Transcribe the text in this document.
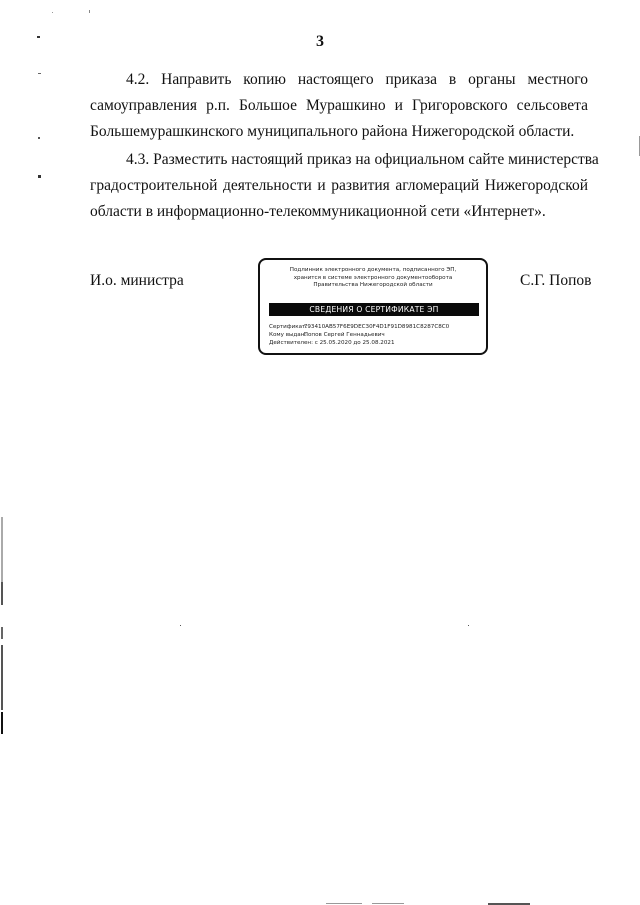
3
4.2. Направить копию настоящего приказа в органы местного
самоуправления р.п. Большое Мурашкино и Григоровского сельсовета
Большемурашкинского муниципального района Нижегородской области.
4.3. Разместить настоящий приказ на официальном сайте министерства
градостроительной деятельности и развития агломераций Нижегородской
области в информационно-телекоммуникационной сети «Интернет».
И.о. министра
Подлинник электронного документа, подписанного ЭП,
хранится в системе электронного документооборота
Правительства Нижегородской области
СВЕДЕНИЯ О СЕРТИФИКАТЕ ЭП
Сертификат: 793410AB57F6E9DEC30F4D1F91D8981C8287C8C0
Кому выдан: Попов Сергей Геннадьевич
Действителен: с 25.05.2020 до 25.08.2021
С.Г. Попов
